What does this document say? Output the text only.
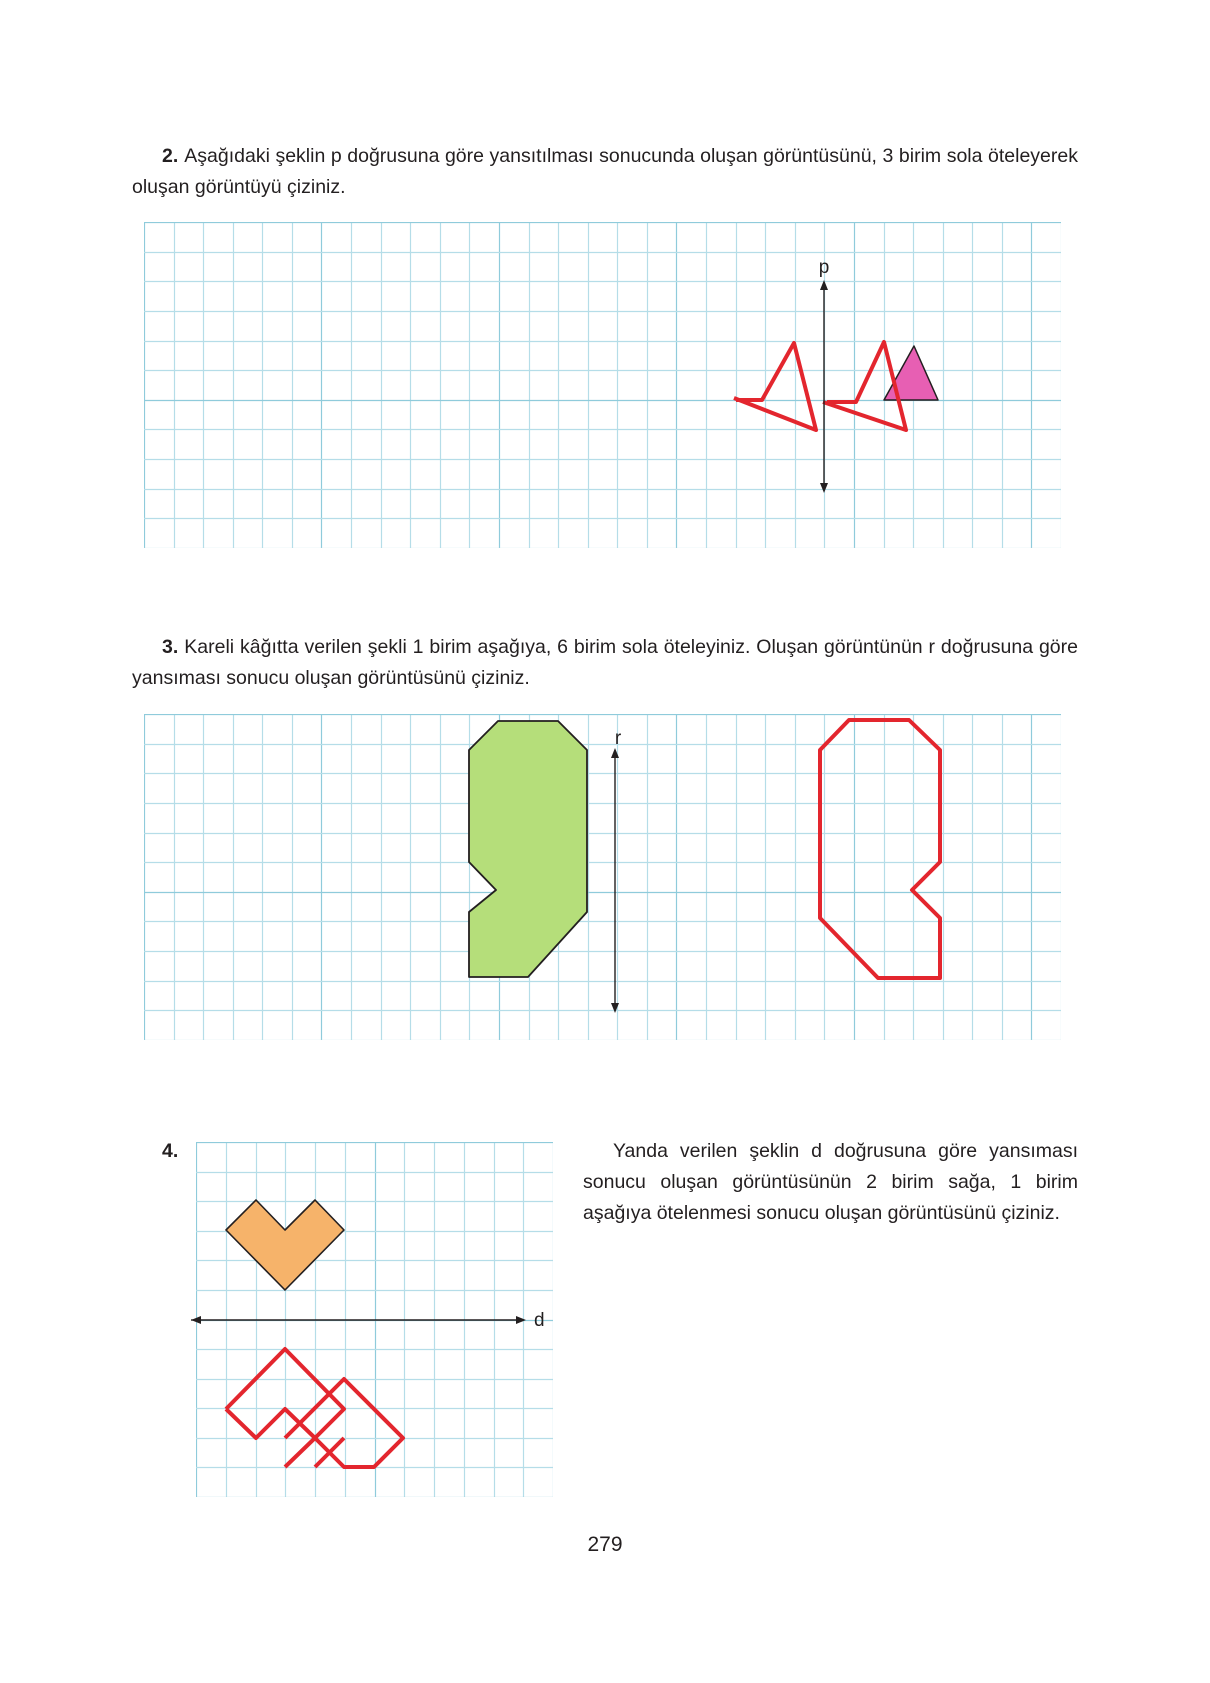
2. Aşağıdaki şeklin p doğrusuna göre yansıtılması sonucunda oluşan görüntüsünü, 3 birim sola öteleyerek oluşan görüntüyü çiziniz.
p
3. Kareli kâğıtta verilen şekli 1 birim aşağıya, 6 birim sola öteleyiniz. Oluşan görüntünün r doğrusuna göre yansıması sonucu oluşan görüntüsünü çiziniz.
r
4.	Yanda verilen şeklin d doğrusuna göre yansıması sonucu oluşan görüntüsünün 2 birim sağa, 1 birim aşağıya ötelenmesi sonucu oluşan görüntüsünü çiziniz.
d
279
